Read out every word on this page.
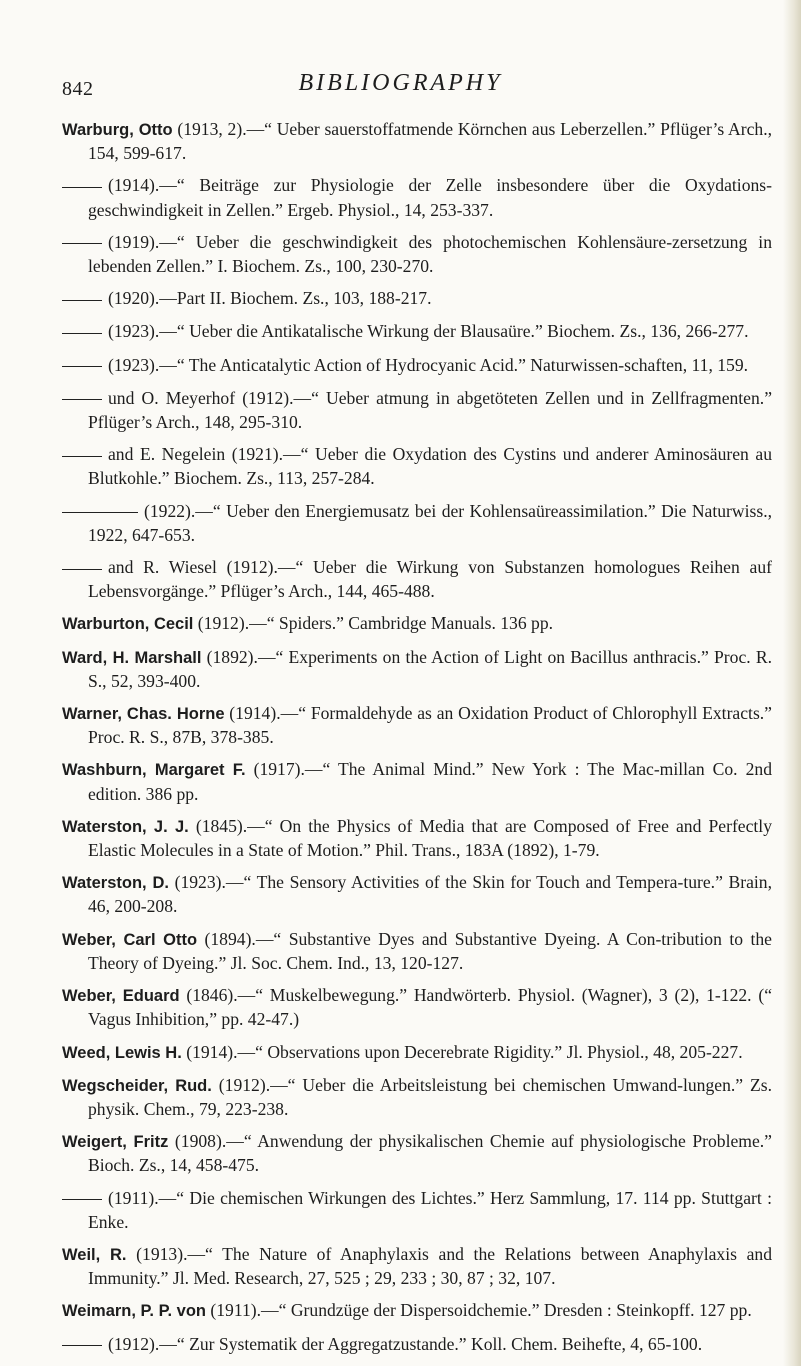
842	BIBLIOGRAPHY

Warburg, Otto (1913, 2).—“ Ueber sauerstoffatmende Körnchen aus Leberzellen.” Pflüger’s Arch., 154, 599-617.

(1914).—“ Beiträge zur Physiologie der Zelle insbesondere über die Oxydations-geschwindigkeit in Zellen.” Ergeb. Physiol., 14, 253-337.

(1919).—“ Ueber die geschwindigkeit des photochemischen Kohlensäure-zersetzung in lebenden Zellen.” I. Biochem. Zs., 100, 230-270.

(1920).—Part II. Biochem. Zs., 103, 188-217.

(1923).—“ Ueber die Antikatalische Wirkung der Blausaüre.” Biochem. Zs., 136, 266-277.

(1923).—“ The Anticatalytic Action of Hydrocyanic Acid.” Naturwissen-schaften, 11, 159.

und O. Meyerhof (1912).—“ Ueber atmung in abgetöteten Zellen und in Zellfragmenten.” Pflüger’s Arch., 148, 295-310.

and E. Negelein (1921).—“ Ueber die Oxydation des Cystins und anderer Aminosäuren au Blutkohle.” Biochem. Zs., 113, 257-284.

(1922).—“ Ueber den Energiemusatz bei der Kohlensaüreassimilation.” Die Naturwiss., 1922, 647-653.

and R. Wiesel (1912).—“ Ueber die Wirkung von Substanzen homologues Reihen auf Lebensvorgänge.” Pflüger’s Arch., 144, 465-488.

Warburton, Cecil (1912).—“ Spiders.” Cambridge Manuals. 136 pp.

Ward, H. Marshall (1892).—“ Experiments on the Action of Light on Bacillus anthracis.” Proc. R. S., 52, 393-400.

Warner, Chas. Horne (1914).—“ Formaldehyde as an Oxidation Product of Chlorophyll Extracts.” Proc. R. S., 87B, 378-385.

Washburn, Margaret F. (1917).—“ The Animal Mind.” New York : The Mac-millan Co. 2nd edition. 386 pp.

Waterston, J. J. (1845).—“ On the Physics of Media that are Composed of Free and Perfectly Elastic Molecules in a State of Motion.” Phil. Trans., 183A (1892), 1-79.

Waterston, D. (1923).—“ The Sensory Activities of the Skin for Touch and Tempera-ture.” Brain, 46, 200-208.

Weber, Carl Otto (1894).—“ Substantive Dyes and Substantive Dyeing. A Con-tribution to the Theory of Dyeing.” Jl. Soc. Chem. Ind., 13, 120-127.

Weber, Eduard (1846).—“ Muskelbewegung.” Handwörterb. Physiol. (Wagner), 3 (2), 1-122. (“ Vagus Inhibition,” pp. 42-47.)

Weed, Lewis H. (1914).—“ Observations upon Decerebrate Rigidity.” Jl. Physiol., 48, 205-227.

Wegscheider, Rud. (1912).—“ Ueber die Arbeitsleistung bei chemischen Umwand-lungen.” Zs. physik. Chem., 79, 223-238.

Weigert, Fritz (1908).—“ Anwendung der physikalischen Chemie auf physiologische Probleme.” Bioch. Zs., 14, 458-475.

(1911).—“ Die chemischen Wirkungen des Lichtes.” Herz Sammlung, 17. 114 pp. Stuttgart : Enke.

Weil, R. (1913).—“ The Nature of Anaphylaxis and the Relations between Anaphylaxis and Immunity.” Jl. Med. Research, 27, 525 ; 29, 233 ; 30, 87 ; 32, 107.

Weimarn, P. P. von (1911).—“ Grundzüge der Dispersoidchemie.” Dresden : Steinkopff. 127 pp.

(1912).—“ Zur Systematik der Aggregatzustande.” Koll. Chem. Beihefte, 4, 65-100.
